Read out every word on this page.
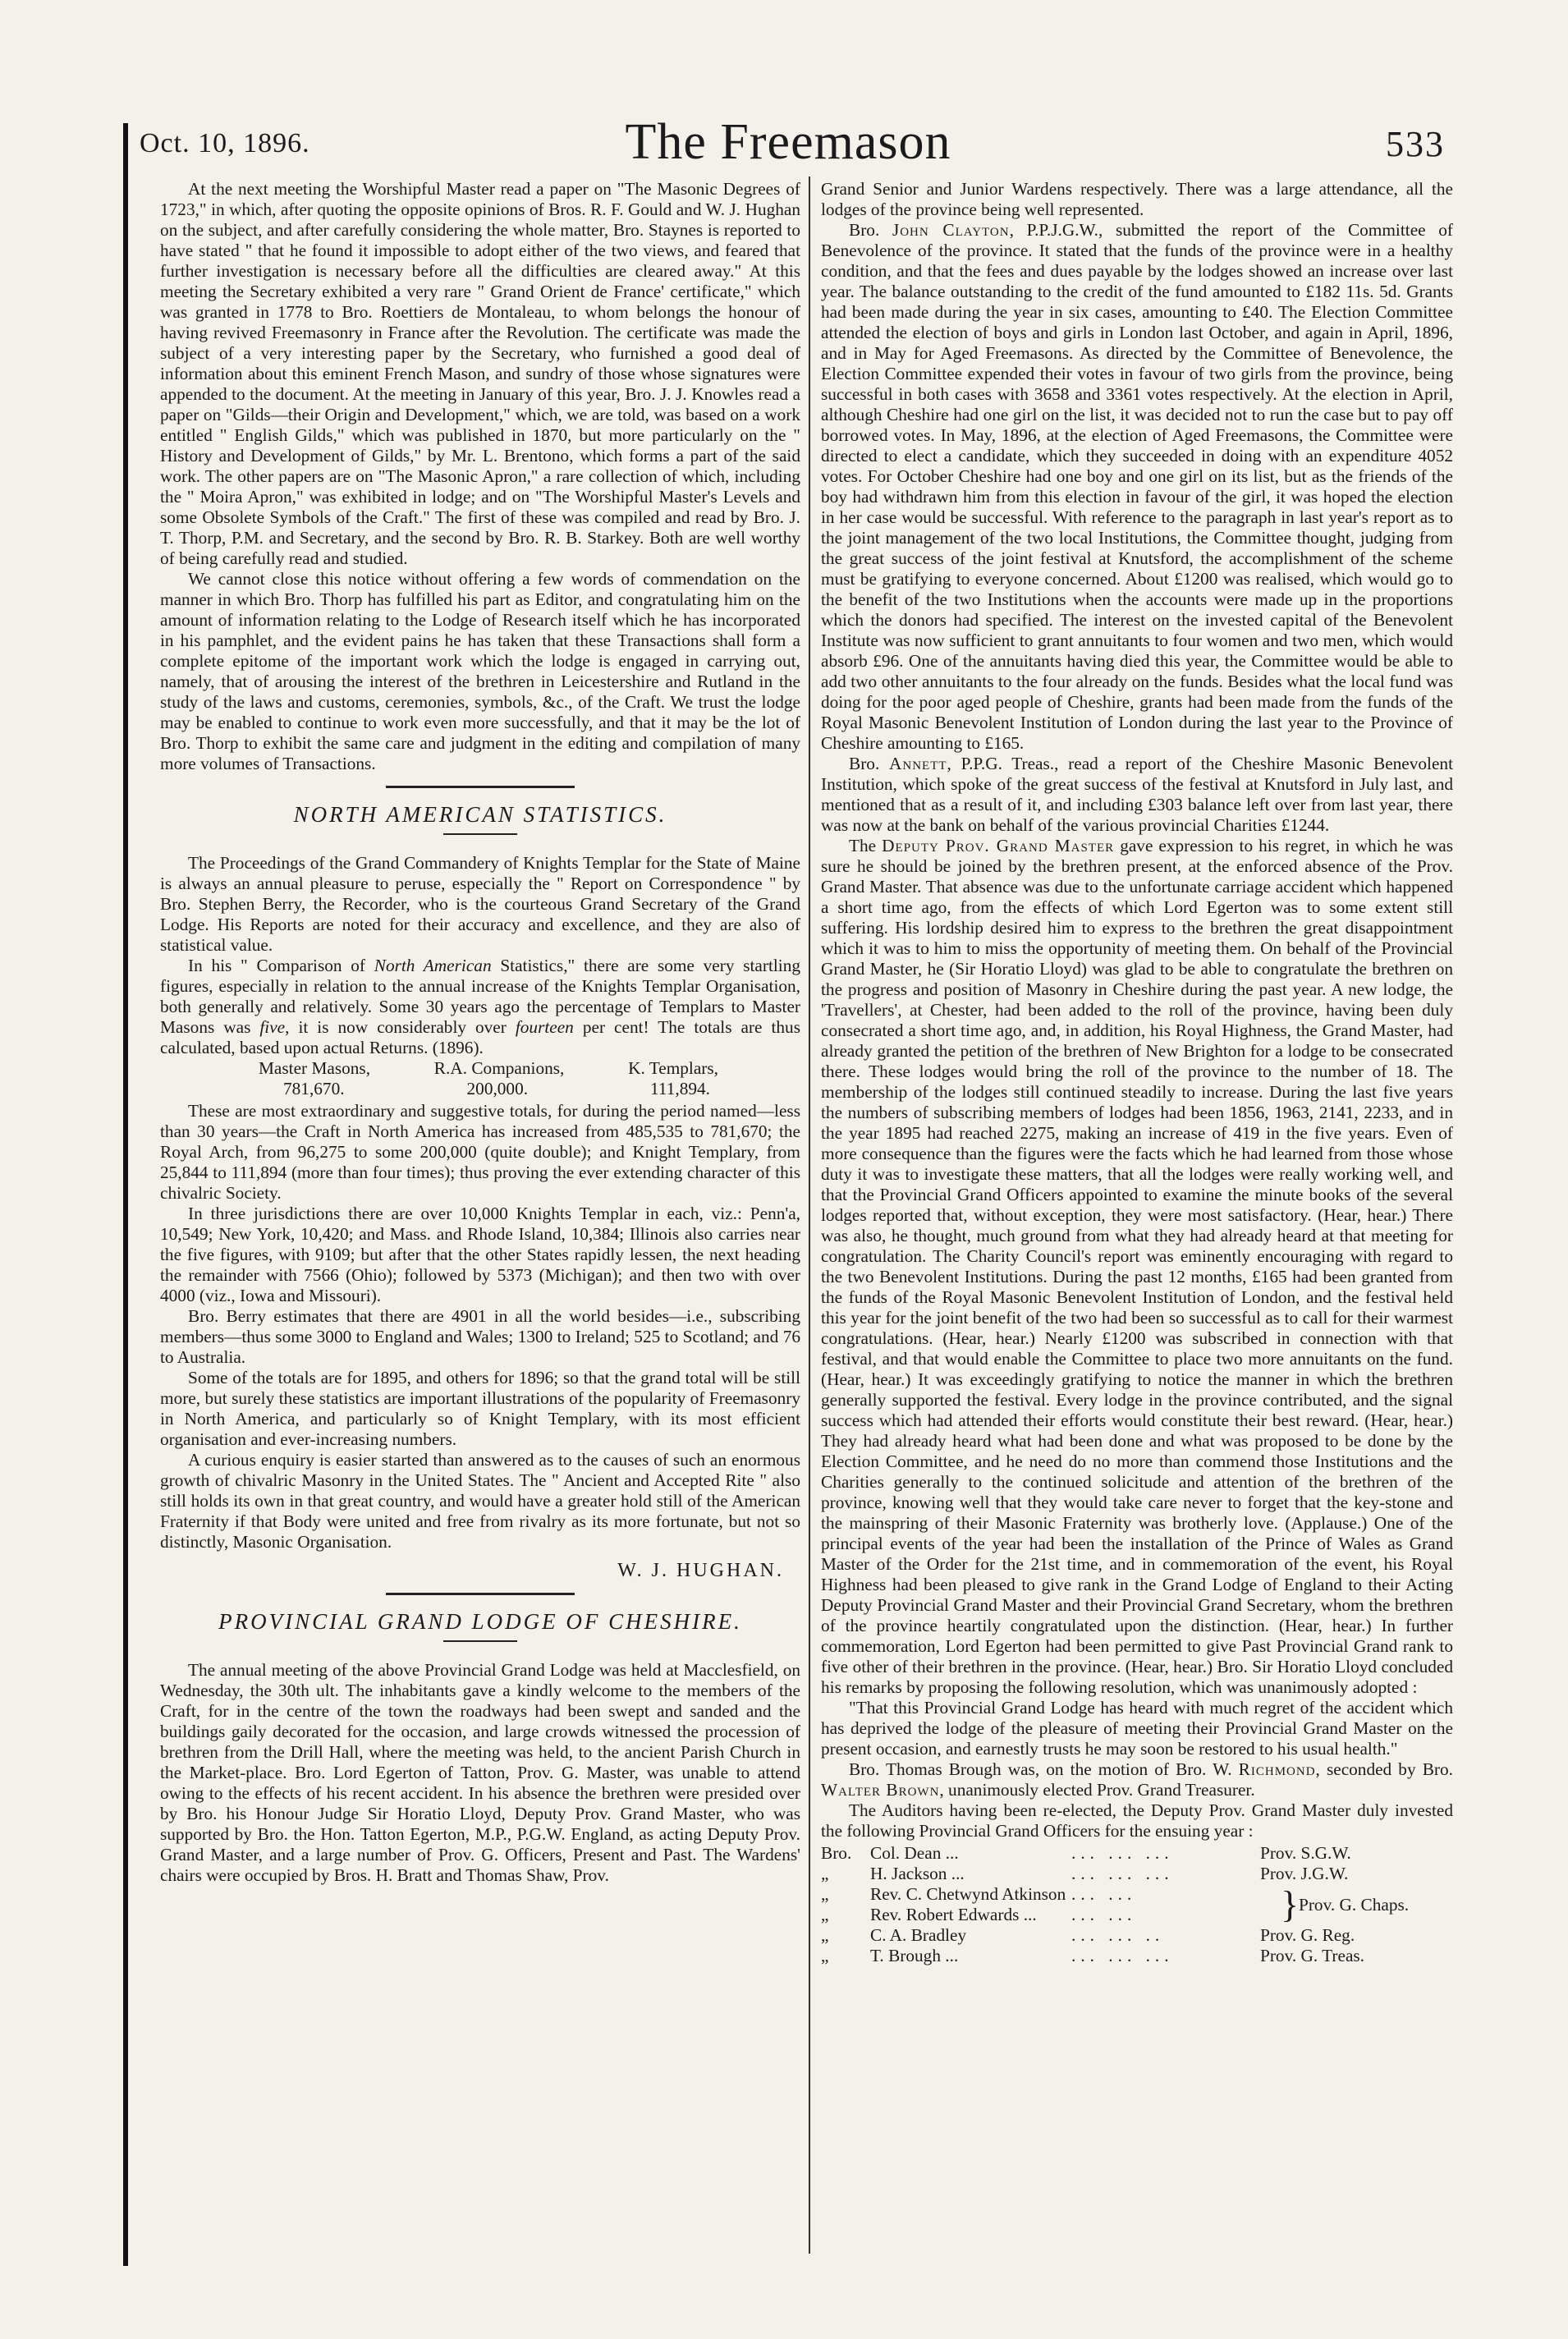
Oct. 10, 1896.	The Freemason	533

At the next meeting the Worshipful Master read a paper on "The Masonic Degrees of 1723," in which, after quoting the opposite opinions of Bros. R. F. Gould and W. J. Hughan on the subject, and after carefully considering the whole matter, Bro. Staynes is reported to have stated " that he found it impossible to adopt either of the two views, and feared that further investigation is necessary before all the difficulties are cleared away." At this meeting the Secretary exhibited a very rare " Grand Orient de France' certificate," which was granted in 1778 to Bro. Roettiers de Montaleau, to whom belongs the honour of having revived Freemasonry in France after the Revolution. The certificate was made the subject of a very interesting paper by the Secretary, who furnished a good deal of information about this eminent French Mason, and sundry of those whose signatures were appended to the document. At the meeting in January of this year, Bro. J. J. Knowles read a paper on "Gilds—their Origin and Development," which, we are told, was based on a work entitled " English Gilds," which was published in 1870, but more particularly on the " History and Development of Gilds," by Mr. L. Brentono, which forms a part of the said work. The other papers are on "The Masonic Apron," a rare collection of which, including the " Moira Apron," was exhibited in lodge; and on "The Worshipful Master's Levels and some Obsolete Symbols of the Craft." The first of these was compiled and read by Bro. J. T. Thorp, P.M. and Secretary, and the second by Bro. R. B. Starkey. Both are well worthy of being carefully read and studied.

We cannot close this notice without offering a few words of commendation on the manner in which Bro. Thorp has fulfilled his part as Editor, and congratulating him on the amount of information relating to the Lodge of Research itself which he has incorporated in his pamphlet, and the evident pains he has taken that these Transactions shall form a complete epitome of the important work which the lodge is engaged in carrying out, namely, that of arousing the interest of the brethren in Leicestershire and Rutland in the study of the laws and customs, ceremonies, symbols, &c., of the Craft. We trust the lodge may be enabled to continue to work even more successfully, and that it may be the lot of Bro. Thorp to exhibit the same care and judgment in the editing and compilation of many more volumes of Transactions.

NORTH AMERICAN STATISTICS.

The Proceedings of the Grand Commandery of Knights Templar for the State of Maine is always an annual pleasure to peruse, especially the " Report on Correspondence " by Bro. Stephen Berry, the Recorder, who is the courteous Grand Secretary of the Grand Lodge. His Reports are noted for their accuracy and excellence, and they are also of statistical value.

In his " Comparison of North American Statistics," there are some very startling figures, especially in relation to the annual increase of the Knights Templar Organisation, both generally and relatively. Some 30 years ago the percentage of Templars to Master Masons was five, it is now considerably over fourteen per cent! The totals are thus calculated, based upon actual Returns. (1896).

Master Masons,	R.A. Companions,	K. Templars,
781,670.	200,000.	111,894.

These are most extraordinary and suggestive totals, for during the period named—less than 30 years—the Craft in North America has increased from 485,535 to 781,670; the Royal Arch, from 96,275 to some 200,000 (quite double); and Knight Templary, from 25,844 to 111,894 (more than four times); thus proving the ever extending character of this chivalric Society.

In three jurisdictions there are over 10,000 Knights Templar in each, viz.: Penn'a, 10,549; New York, 10,420; and Mass. and Rhode Island, 10,384; Illinois also carries near the five figures, with 9109; but after that the other States rapidly lessen, the next heading the remainder with 7566 (Ohio); followed by 5373 (Michigan); and then two with over 4000 (viz., Iowa and Missouri).

Bro. Berry estimates that there are 4901 in all the world besides—i.e., subscribing members—thus some 3000 to England and Wales; 1300 to Ireland; 525 to Scotland; and 76 to Australia.

Some of the totals are for 1895, and others for 1896; so that the grand total will be still more, but surely these statistics are important illustrations of the popularity of Freemasonry in North America, and particularly so of Knight Templary, with its most efficient organisation and ever-increasing numbers.

A curious enquiry is easier started than answered as to the causes of such an enormous growth of chivalric Masonry in the United States. The " Ancient and Accepted Rite " also still holds its own in that great country, and would have a greater hold still of the American Fraternity if that Body were united and free from rivalry as its more fortunate, but not so distinctly, Masonic Organisation.

W. J. HUGHAN.
PROVINCIAL GRAND LODGE OF CHESHIRE.

The annual meeting of the above Provincial Grand Lodge was held at Macclesfield, on Wednesday, the 30th ult. The inhabitants gave a kindly welcome to the members of the Craft, for in the centre of the town the roadways had been swept and sanded and the buildings gaily decorated for the occasion, and large crowds witnessed the procession of brethren from the Drill Hall, where the meeting was held, to the ancient Parish Church in the Market-place. Bro. Lord Egerton of Tatton, Prov. G. Master, was unable to attend owing to the effects of his recent accident. In his absence the brethren were presided over by Bro. his Honour Judge Sir Horatio Lloyd, Deputy Prov. Grand Master, who was supported by Bro. the Hon. Tatton Egerton, M.P., P.G.W. England, as acting Deputy Prov. Grand Master, and a large number of Prov. G. Officers, Present and Past. The Wardens' chairs were occupied by Bros. H. Bratt and Thomas Shaw, Prov.

Grand Senior and Junior Wardens respectively. There was a large attendance, all the lodges of the province being well represented.

Bro. John Clayton, P.P.J.G.W., submitted the report of the Committee of Benevolence of the province. It stated that the funds of the province were in a healthy condition, and that the fees and dues payable by the lodges showed an increase over last year. The balance outstanding to the credit of the fund amounted to £182 11s. 5d. Grants had been made during the year in six cases, amounting to £40. The Election Committee attended the election of boys and girls in London last October, and again in April, 1896, and in May for Aged Freemasons. As directed by the Committee of Benevolence, the Election Committee expended their votes in favour of two girls from the province, being successful in both cases with 3658 and 3361 votes respectively. At the election in April, although Cheshire had one girl on the list, it was decided not to run the case but to pay off borrowed votes. In May, 1896, at the election of Aged Freemasons, the Committee were directed to elect a candidate, which they succeeded in doing with an expenditure 4052 votes. For October Cheshire had one boy and one girl on its list, but as the friends of the boy had withdrawn him from this election in favour of the girl, it was hoped the election in her case would be successful. With reference to the paragraph in last year's report as to the joint management of the two local Institutions, the Committee thought, judging from the great success of the joint festival at Knutsford, the accomplishment of the scheme must be gratifying to everyone concerned. About £1200 was realised, which would go to the benefit of the two Institutions when the accounts were made up in the proportions which the donors had specified. The interest on the invested capital of the Benevolent Institute was now sufficient to grant annuitants to four women and two men, which would absorb £96. One of the annuitants having died this year, the Committee would be able to add two other annuitants to the four already on the funds. Besides what the local fund was doing for the poor aged people of Cheshire, grants had been made from the funds of the Royal Masonic Benevolent Institution of London during the last year to the Province of Cheshire amounting to £165.

Bro. Annett, P.P.G. Treas., read a report of the Cheshire Masonic Benevolent Institution, which spoke of the great success of the festival at Knutsford in July last, and mentioned that as a result of it, and including £303 balance left over from last year, there was now at the bank on behalf of the various provincial Charities £1244.

The Deputy Prov. Grand Master gave expression to his regret, in which he was sure he should be joined by the brethren present, at the enforced absence of the Prov. Grand Master. That absence was due to the unfortunate carriage accident which happened a short time ago, from the effects of which Lord Egerton was to some extent still suffering. His lordship desired him to express to the brethren the great disappointment which it was to him to miss the opportunity of meeting them. On behalf of the Provincial Grand Master, he (Sir Horatio Lloyd) was glad to be able to congratulate the brethren on the progress and position of Masonry in Cheshire during the past year. A new lodge, the 'Travellers', at Chester, had been added to the roll of the province, having been duly consecrated a short time ago, and, in addition, his Royal Highness, the Grand Master, had already granted the petition of the brethren of New Brighton for a lodge to be consecrated there. These lodges would bring the roll of the province to the number of 18. The membership of the lodges still continued steadily to increase. During the last five years the numbers of subscribing members of lodges had been 1856, 1963, 2141, 2233, and in the year 1895 had reached 2275, making an increase of 419 in the five years. Even of more consequence than the figures were the facts which he had learned from those whose duty it was to investigate these matters, that all the lodges were really working well, and that the Provincial Grand Officers appointed to examine the minute books of the several lodges reported that, without exception, they were most satisfactory. (Hear, hear.) There was also, he thought, much ground from what they had already heard at that meeting for congratulation. The Charity Council's report was eminently encouraging with regard to the two Benevolent Institutions. During the past 12 months, £165 had been granted from the funds of the Royal Masonic Benevolent Institution of London, and the festival held this year for the joint benefit of the two had been so successful as to call for their warmest congratulations. (Hear, hear.) Nearly £1200 was subscribed in connection with that festival, and that would enable the Committee to place two more annuitants on the fund. (Hear, hear.) It was exceedingly gratifying to notice the manner in which the brethren generally supported the festival. Every lodge in the province contributed, and the signal success which had attended their efforts would constitute their best reward. (Hear, hear.) They had already heard what had been done and what was proposed to be done by the Election Committee, and he need do no more than commend those Institutions and the Charities generally to the continued solicitude and attention of the brethren of the province, knowing well that they would take care never to forget that the key-stone and the mainspring of their Masonic Fraternity was brotherly love. (Applause.) One of the principal events of the year had been the installation of the Prince of Wales as Grand Master of the Order for the 21st time, and in commemoration of the event, his Royal Highness had been pleased to give rank in the Grand Lodge of England to their Acting Deputy Provincial Grand Master and their Provincial Grand Secretary, whom the brethren of the province heartily congratulated upon the distinction. (Hear, hear.) In further commemoration, Lord Egerton had been permitted to give Past Provincial Grand rank to five other of their brethren in the province. (Hear, hear.) Bro. Sir Horatio Lloyd concluded his remarks by proposing the following resolution, which was unanimously adopted :

"That this Provincial Grand Lodge has heard with much regret of the accident which has deprived the lodge of the pleasure of meeting their Provincial Grand Master on the present occasion, and earnestly trusts he may soon be restored to his usual health."

Bro. Thomas Brough was, on the motion of Bro. W. Richmond, seconded by Bro. Walter Brown, unanimously elected Prov. Grand Treasurer.

The Auditors having been re-elected, the Deputy Prov. Grand Master duly invested the following Provincial Grand Officers for the ensuing year :

Bro.	Col. Dean ...	... ... ...	Prov. S.G.W.
„	H. Jackson ...	... ... ...	Prov. J.G.W.
„	Rev. C. Chetwynd Atkinson ... ...
„	Rev. Robert Edwards ...	... ...	} Prov. G. Chaps.
„	C. A. Bradley	... ... ..	Prov. G. Reg.
„	T. Brough ...	... ... ...	Prov. G. Treas.
